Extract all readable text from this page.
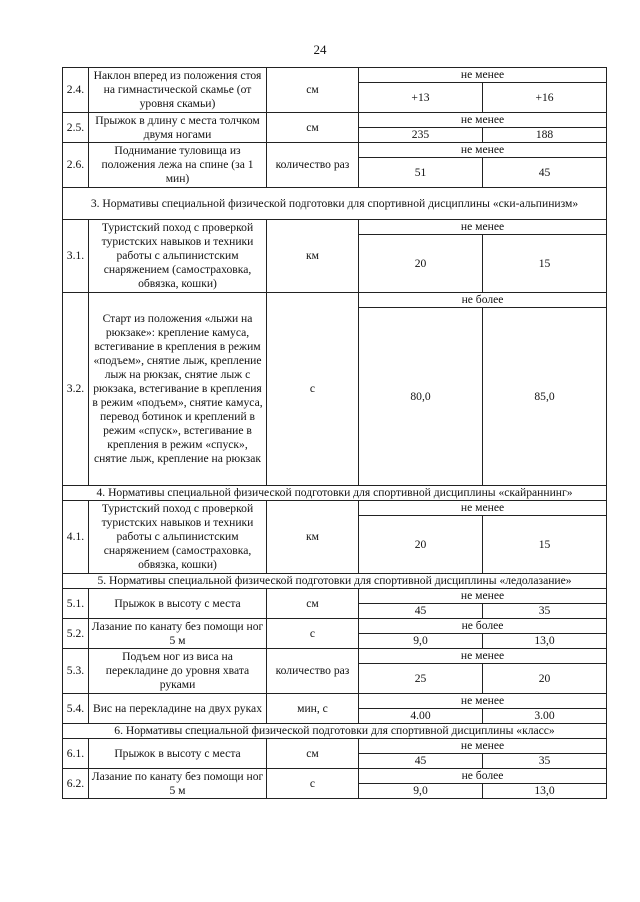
24
2.4.	Наклон вперед из положения стоя на гимнастической скамье (от уровня скамьи)	см	не менее	
			+13	+16
2.5.	Прыжок в длину с места толчком двумя ногами	см	не менее	
			235	188
2.6.	Поднимание туловища из положения лежа на спине (за 1 мин)	количество раз	не менее	
			51	45
3. Нормативы специальной физической подготовки для спортивной дисциплины «ски-альпинизм»				
3.1.	Туристский поход с проверкой туристских навыков и техники работы с альпинистским снаряжением (самостраховка, обвязка, кошки)	км	не менее	
			20	15
3.2.	Старт из положения «лыжи на рюкзаке»: крепление камуса, встегивание в крепления в режим «подъем», снятие лыж, крепление лыж на рюкзак, снятие лыж с рюкзака, встегивание в крепления в режим «подъем», снятие камуса, перевод ботинок и креплений в режим «спуск», встегивание в крепления в режим «спуск», снятие лыж, крепление на рюкзак	с	не более	
			80,0	85,0
4. Нормативы специальной физической подготовки для спортивной дисциплины «скайраннинг»				
4.1.	Туристский поход с проверкой туристских навыков и техники работы с альпинистским снаряжением (самостраховка, обвязка, кошки)	км	не менее	
			20	15
5. Нормативы специальной физической подготовки для спортивной дисциплины «ледолазание»				
5.1.	Прыжок в высоту с места	см	не менее	
			45	35
5.2.	Лазание по канату без помощи ног 5 м	с	не более	
			9,0	13,0
5.3.	Подъем ног из виса на перекладине до уровня хвата руками	количество раз	не менее	
			25	20
5.4.	Вис на перекладине на двух руках	мин, с	не менее	
			4.00	3.00
6. Нормативы специальной физической подготовки для спортивной дисциплины «класс»				
6.1.	Прыжок в высоту с места	см	не менее	
			45	35
6.2.	Лазание по канату без помощи ног 5 м	с	не более	
			9,0	13,0
